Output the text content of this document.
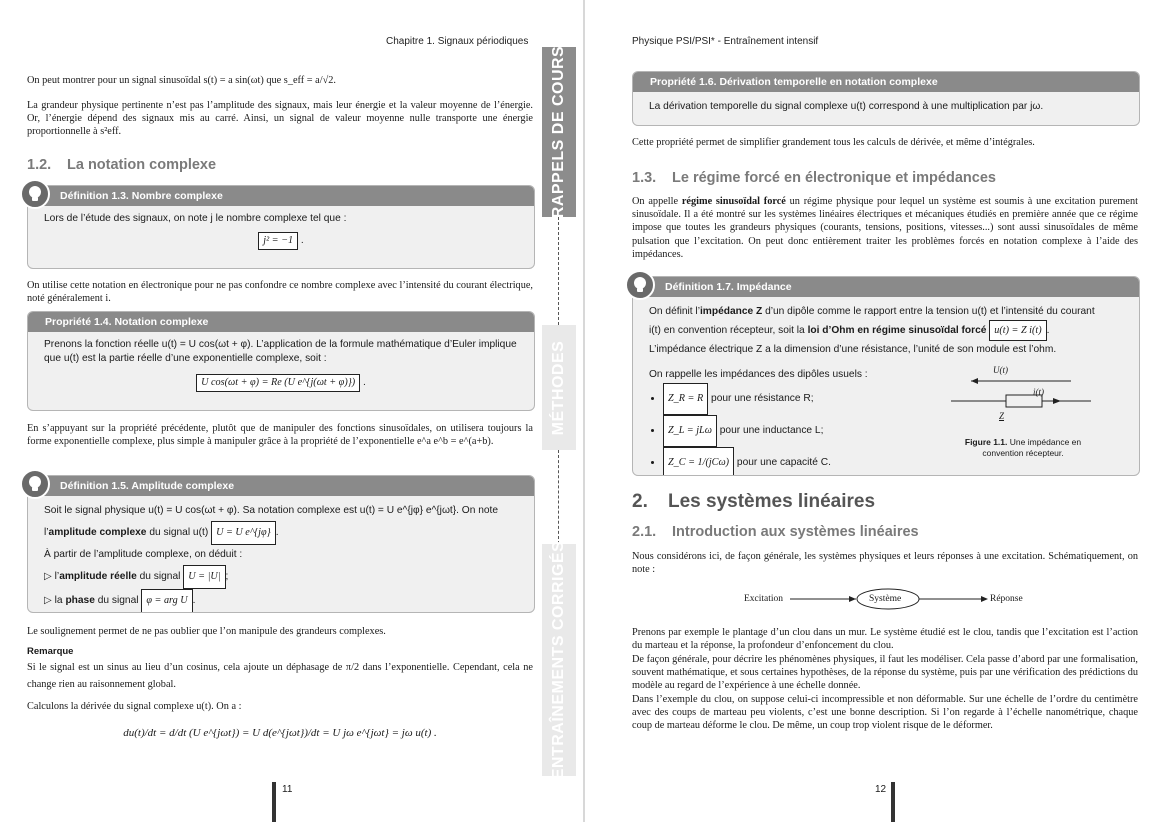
Chapitre 1. Signaux périodiques
On peut montrer pour un signal sinusoïdal s(t) = a sin(ωt) que s_eff = a/√2.
La grandeur physique pertinente n’est pas l’amplitude des signaux, mais leur énergie et la valeur moyenne de l’énergie. Or, l’énergie dépend des signaux mis au carré. Ainsi, un signal de valeur moyenne nulle transporte une énergie proportionnelle à s²eff.
1.2. La notation complexe
Définition 1.3. Nombre complexe
Lors de l’étude des signaux, on note j le nombre complexe tel que :
j² = −1 .
On utilise cette notation en électronique pour ne pas confondre ce nombre complexe avec l’intensité du courant électrique, noté généralement i.
Propriété 1.4. Notation complexe
Prenons la fonction réelle u(t) = U cos(ωt + φ). L’application de la formule mathématique d’Euler implique que u(t) est la partie réelle d’une exponentielle complexe, soit :
U cos(ωt + φ) = Re (U e^{j(ωt + φ)}) .
En s’appuyant sur la propriété précédente, plutôt que de manipuler des fonctions sinusoïdales, on utilisera toujours la forme exponentielle complexe, plus simple à manipuler grâce à la propriété de l’exponentielle e^a e^b = e^(a+b).
Définition 1.5. Amplitude complexe
Soit le signal physique u(t) = U cos(ωt + φ). Sa notation complexe est u(t) = U e^{jφ} e^{jωt}. On note
l’amplitude complexe du signal u(t) U = U e^{jφ} .
À partir de l’amplitude complexe, on déduit :
▷ l’amplitude réelle du signal U = |U| ;
▷ la phase du signal φ = arg U .
Le soulignement permet de ne pas oublier que l’on manipule des grandeurs complexes.
Remarque
Si le signal est un sinus au lieu d’un cosinus, cela ajoute un déphasage de π/2 dans l’exponentielle. Cependant, cela ne change rien au raisonnement global.
Calculons la dérivée du signal complexe u(t). On a :
du(t)/dt = d/dt (U e^{jωt}) = U d(e^{jωt})/dt = U jω e^{jωt} = jω u(t) .
11
RAPPELS DE COURS
MÉTHODES
ENTRAÎNEMENTS CORRIGÉS
Physique PSI/PSI* - Entraînement intensif
Propriété 1.6. Dérivation temporelle en notation complexe
La dérivation temporelle du signal complexe u(t) correspond à une multiplication par jω.
Cette propriété permet de simplifier grandement tous les calculs de dérivée, et même d’intégrales.
1.3. Le régime forcé en électronique et impédances
On appelle régime sinusoïdal forcé un régime physique pour lequel un système est soumis à une excitation purement sinusoïdale. Il a été montré sur les systèmes linéaires électriques et mécaniques étudiés en première année que ce régime impose que toutes les grandeurs physiques (courants, tensions, positions, vitesses...) sont aussi sinusoïdales de même pulsation que l’excitation. On peut donc entièrement traiter les problèmes forcés en notation complexe à l’aide des impédances.
Définition 1.7. Impédance
On définit l’impédance Z d’un dipôle comme le rapport entre la tension u(t) et l’intensité du courant
i(t) en convention récepteur, soit la loi d’Ohm en régime sinusoïdal forcé u(t) = Z i(t) .
L’impédance électrique Z a la dimension d’une résistance, l’unité de son module est l’ohm.
On rappelle les impédances des dipôles usuels :
• Z_R = R pour une résistance R;
• Z_L = jLω pour une inductance L;
• Z_C = 1/(jCω) pour une capacité C.
U(t)
i(t)
Z
Figure 1.1. Une impédance en convention récepteur.
2. Les systèmes linéaires
2.1. Introduction aux systèmes linéaires
Nous considérons ici, de façon générale, les systèmes physiques et leurs réponses à une excitation. Schématiquement, on note :
Excitation	Système	Réponse
Prenons par exemple le plantage d’un clou dans un mur. Le système étudié est le clou, tandis que l’excitation est l’action du marteau et la réponse, la profondeur d’enfoncement du clou.
De façon générale, pour décrire les phénomènes physiques, il faut les modéliser. Cela passe d’abord par une formalisation, souvent mathématique, et sous certaines hypothèses, de la réponse du système, puis par une vérification des prédictions du modèle au regard de l’expérience à une échelle donnée.
Dans l’exemple du clou, on suppose celui-ci incompressible et non déformable. Sur une échelle de l’ordre du centimètre avec des coups de marteau peu violents, c’est une bonne description. Si l’on regarde à l’échelle nanométrique, chaque coup de marteau déforme le clou. De même, un coup trop violent risque de le déformer.
12
